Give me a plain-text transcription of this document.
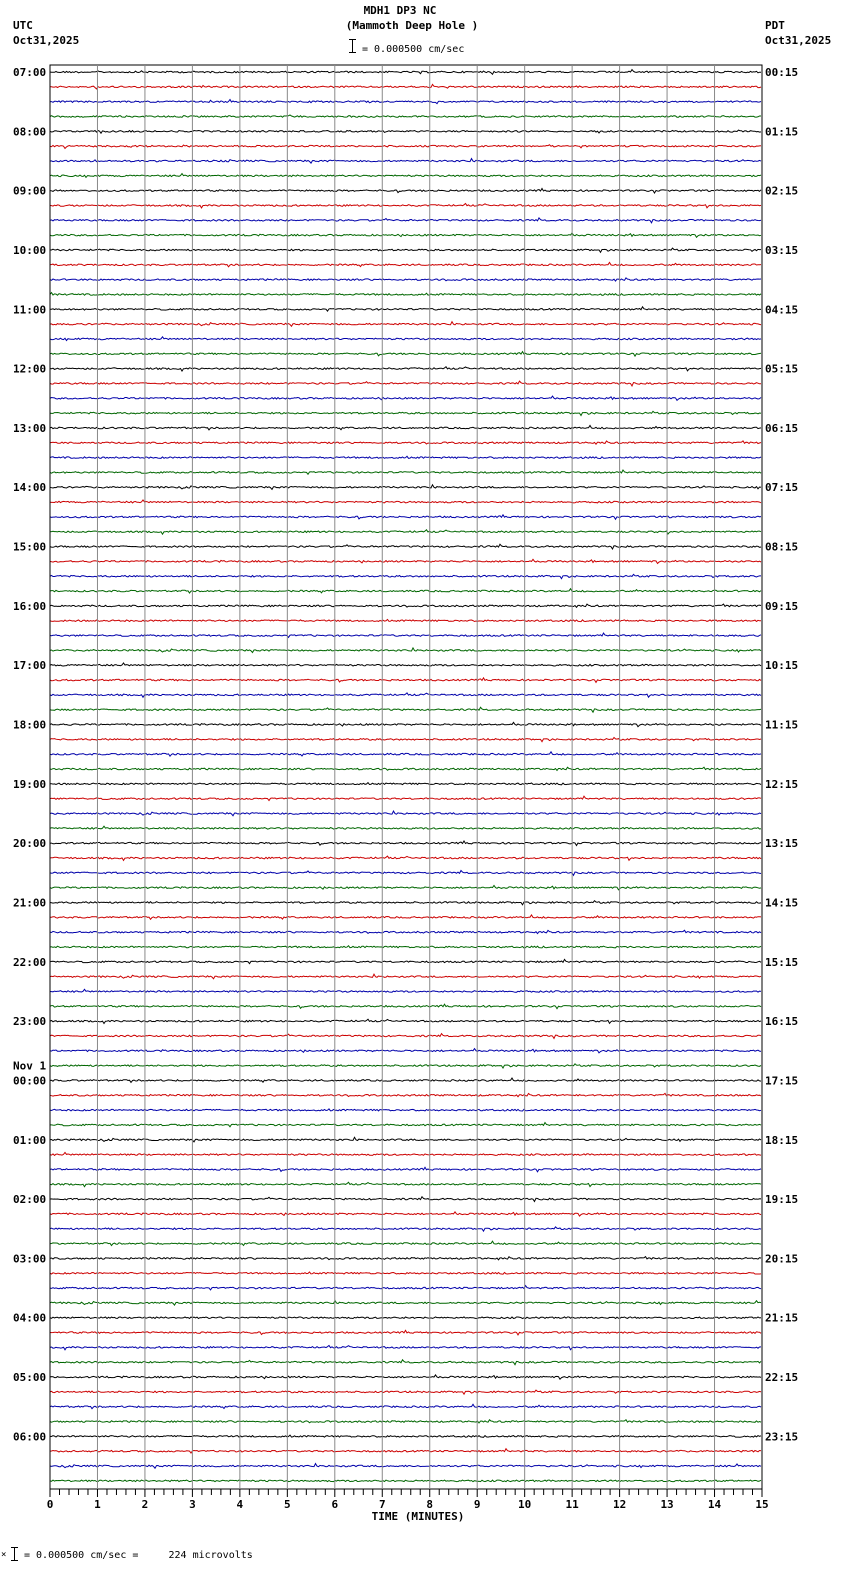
MDH1 DP3 NC
(Mammoth Deep Hole )
= 0.000500 cm/sec
UTC
Oct31,2025
PDT
Oct31,2025
0	1	2	3	4	5	6	7	8	9	10	11	12	13	14	15
07:00	00:15
08:00	01:15
09:00	02:15
10:00	03:15
11:00	04:15
12:00	05:15
13:00	06:15
14:00	07:15
15:00	08:15
16:00	09:15
17:00	10:15
18:00	11:15
19:00	12:15
20:00	13:15
21:00	14:15
22:00	15:15
23:00	16:15
00:00	17:15
Nov 1
01:00	18:15
02:00	19:15
03:00	20:15
04:00	21:15
05:00	22:15
06:00	23:15
TIME (MINUTES)
× = 0.000500 cm/sec =     224 microvolts
